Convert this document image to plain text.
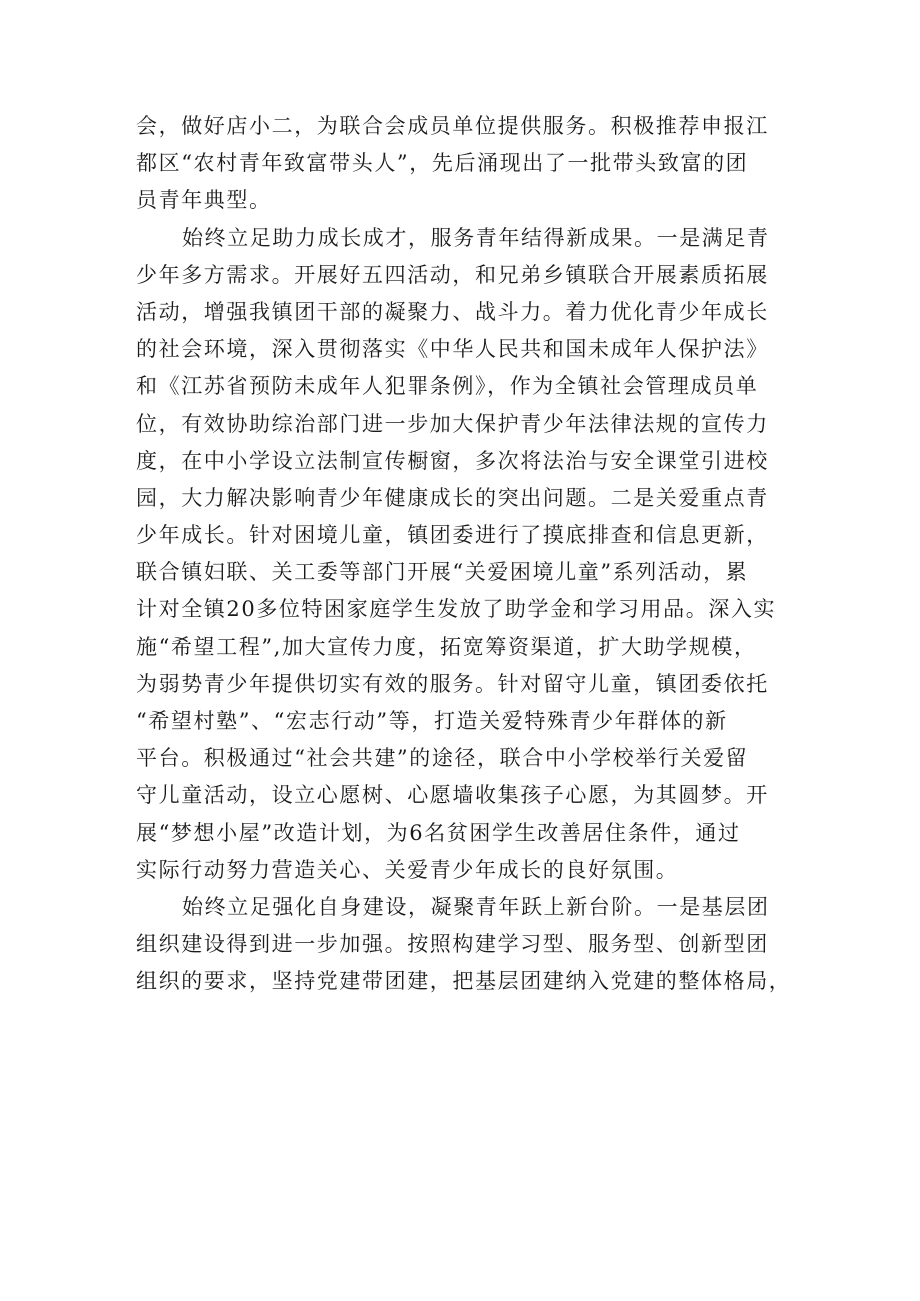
会，做好店小二，为联合会成员单位提供服务。积极推荐申报江
都区“农村青年致富带头人”，先后涌现出了一批带头致富的团
员青年典型。

始终立足助力成长成才，服务青年结得新成果。一是满足青
少年多方需求。开展好五四活动，和兄弟乡镇联合开展素质拓展
活动，增强我镇团干部的凝聚力、战斗力。着力优化青少年成长
的社会环境，深入贯彻落实《中华人民共和国未成年人保护法》
和《江苏省预防未成年人犯罪条例》，作为全镇社会管理成员单
位，有效协助综治部门进一步加大保护青少年法律法规的宣传力
度，在中小学设立法制宣传橱窗，多次将法治与安全课堂引进校
园，大力解决影响青少年健康成长的突出问题。二是关爱重点青
少年成长。针对困境儿童，镇团委进行了摸底排查和信息更新，
联合镇妇联、关工委等部门开展“关爱困境儿童”系列活动，累
计对全镇20多位特困家庭学生发放了助学金和学习用品。深入实
施“希望工程”,加大宣传力度，拓宽筹资渠道，扩大助学规模，
为弱势青少年提供切实有效的服务。针对留守儿童，镇团委依托
“希望村塾”、“宏志行动”等，打造关爱特殊青少年群体的新
平台。积极通过“社会共建”的途径，联合中小学校举行关爱留
守儿童活动，设立心愿树、心愿墙收集孩子心愿，为其圆梦。开
展“梦想小屋”改造计划，为6名贫困学生改善居住条件，通过
实际行动努力营造关心、关爱青少年成长的良好氛围。

始终立足强化自身建设，凝聚青年跃上新台阶。一是基层团
组织建设得到进一步加强。按照构建学习型、服务型、创新型团
组织的要求，坚持党建带团建，把基层团建纳入党建的整体格局，
